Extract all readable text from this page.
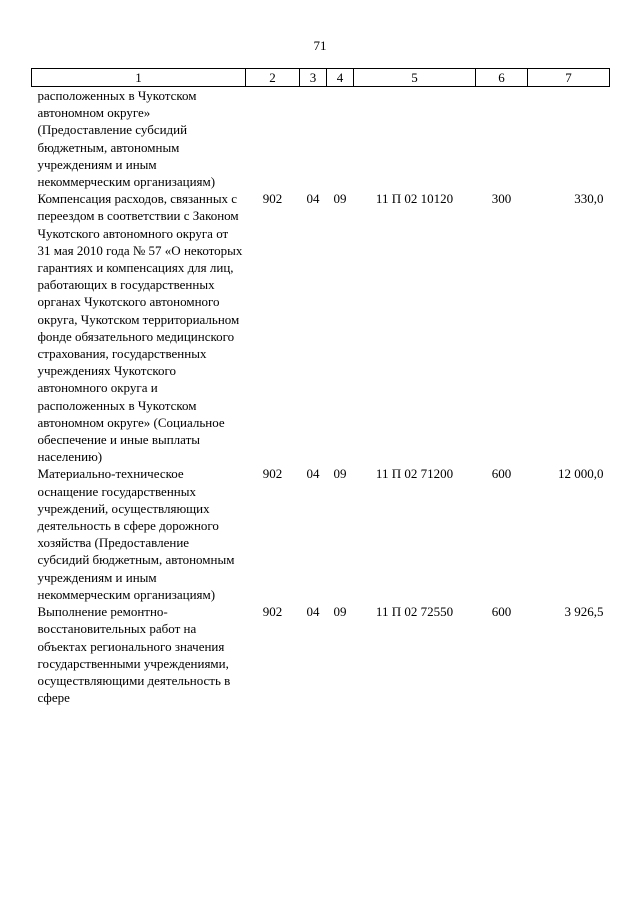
71
1	2	3	4	5	6	7
расположенных в Чукотском автономном округе» (Предоставление субсидий бюджетным, автономным учреждениям и иным некоммерческим организациям)						
Компенсация расходов, связанных с переездом в соответствии с Законом Чукотского автономного округа от 31 мая 2010 года № 57 «О некоторых гарантиях и компенсациях для лиц, работающих в государственных органах Чукотского автономного округа, Чукотском территориальном фонде обязательного медицинского страхования, государственных учреждениях Чукотского автономного округа и расположенных в Чукотском автономном округе» (Социальное обеспечение и иные выплаты населению)	902	04	09	11 П 02 10120	300	330,0
Материально-техническое оснащение государственных учреждений, осуществляющих деятельность в сфере дорожного хозяйства (Предоставление субсидий бюджетным, автономным учреждениям и иным некоммерческим организациям)	902	04	09	11 П 02 71200	600	12 000,0
Выполнение ремонтно-восстановительных работ на объектах регионального значения государственными учреждениями, осуществляющими деятельность в сфере	902	04	09	11 П 02 72550	600	3 926,5
